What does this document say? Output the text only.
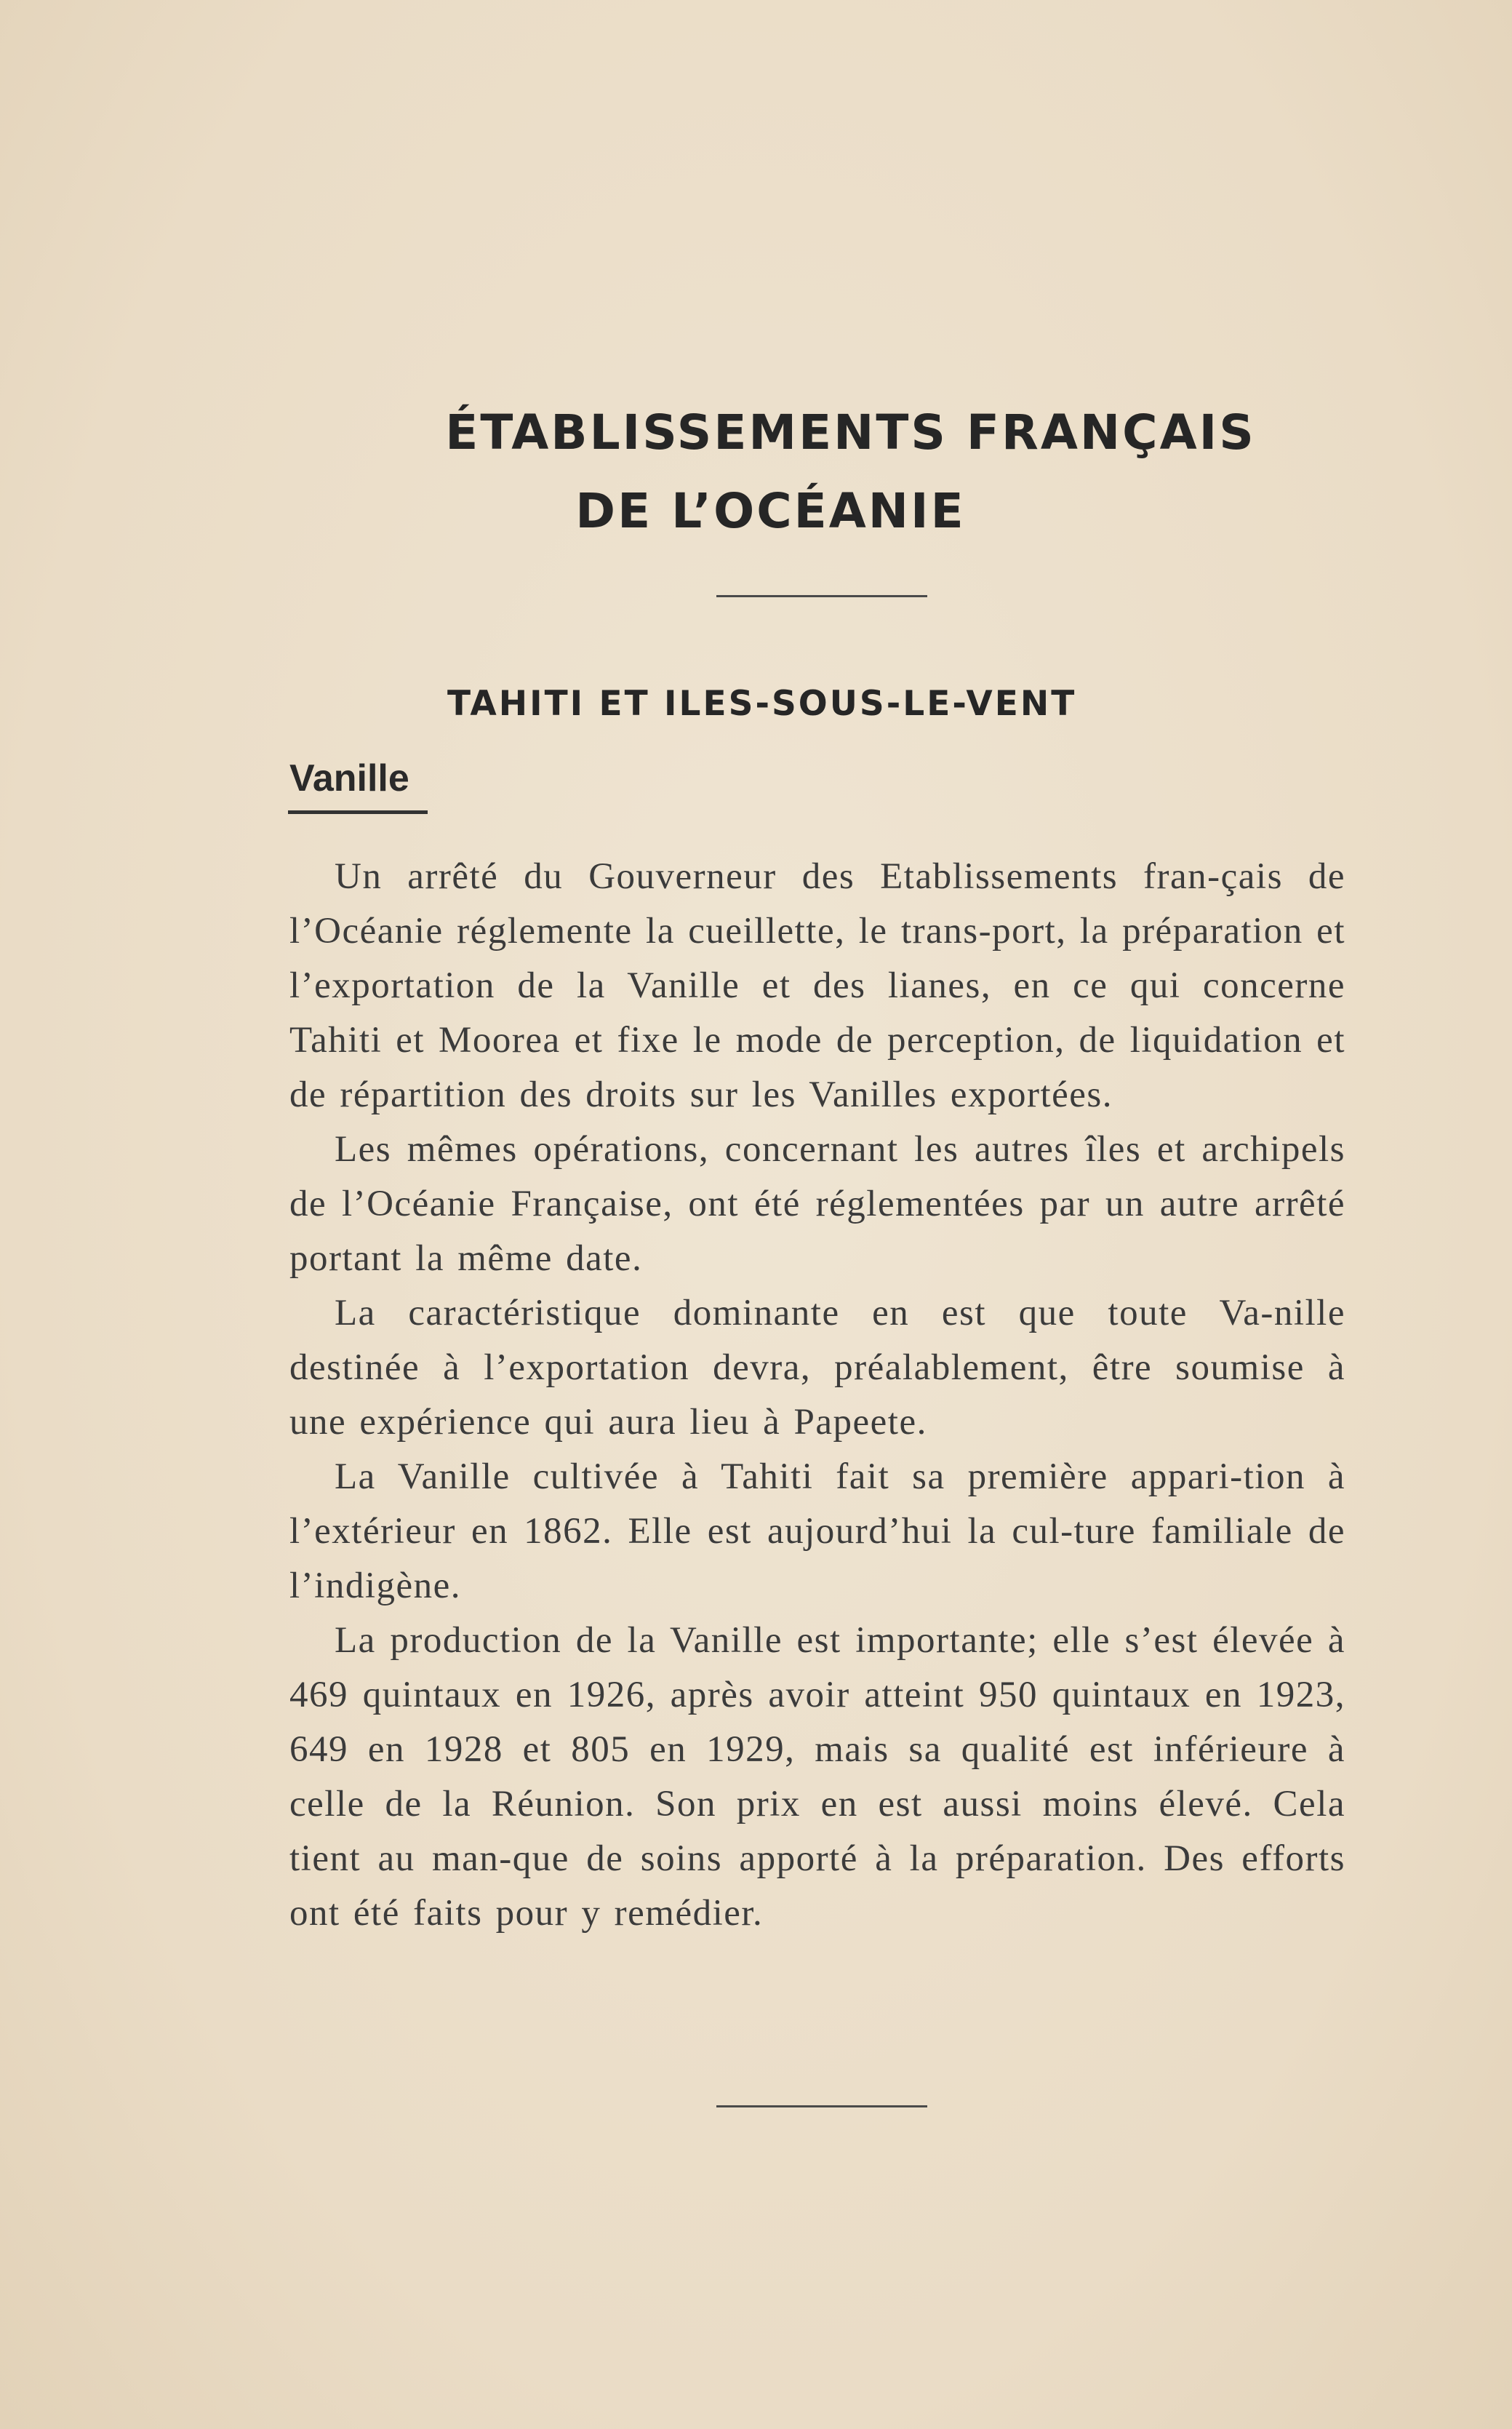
ÉTABLISSEMENTS FRANÇAIS
DE L’OCÉANIE
TAHITI ET ILES-SOUS-LE-VENT
Vanille

Un arrêté du Gouverneur des Etablissements fran-çais de l’Océanie réglemente la cueillette, le trans-port, la préparation et l’exportation de la Vanille et des lianes, en ce qui concerne Tahiti et Moorea et fixe le mode de perception, de liquidation et de répartition des droits sur les Vanilles exportées.

Les mêmes opérations, concernant les autres îles et archipels de l’Océanie Française, ont été réglementées par un autre arrêté portant la même date.

La caractéristique dominante en est que toute Va-nille destinée à l’exportation devra, préalablement, être soumise à une expérience qui aura lieu à Papeete.

La Vanille cultivée à Tahiti fait sa première appari-tion à l’extérieur en 1862. Elle est aujourd’hui la cul-ture familiale de l’indigène.

La production de la Vanille est importante; elle s’est élevée à 469 quintaux en 1926, après avoir atteint 950 quintaux en 1923, 649 en 1928 et 805 en 1929, mais sa qualité est inférieure à celle de la Réunion. Son prix en est aussi moins élevé. Cela tient au man-que de soins apporté à la préparation. Des efforts ont été faits pour y remédier.
